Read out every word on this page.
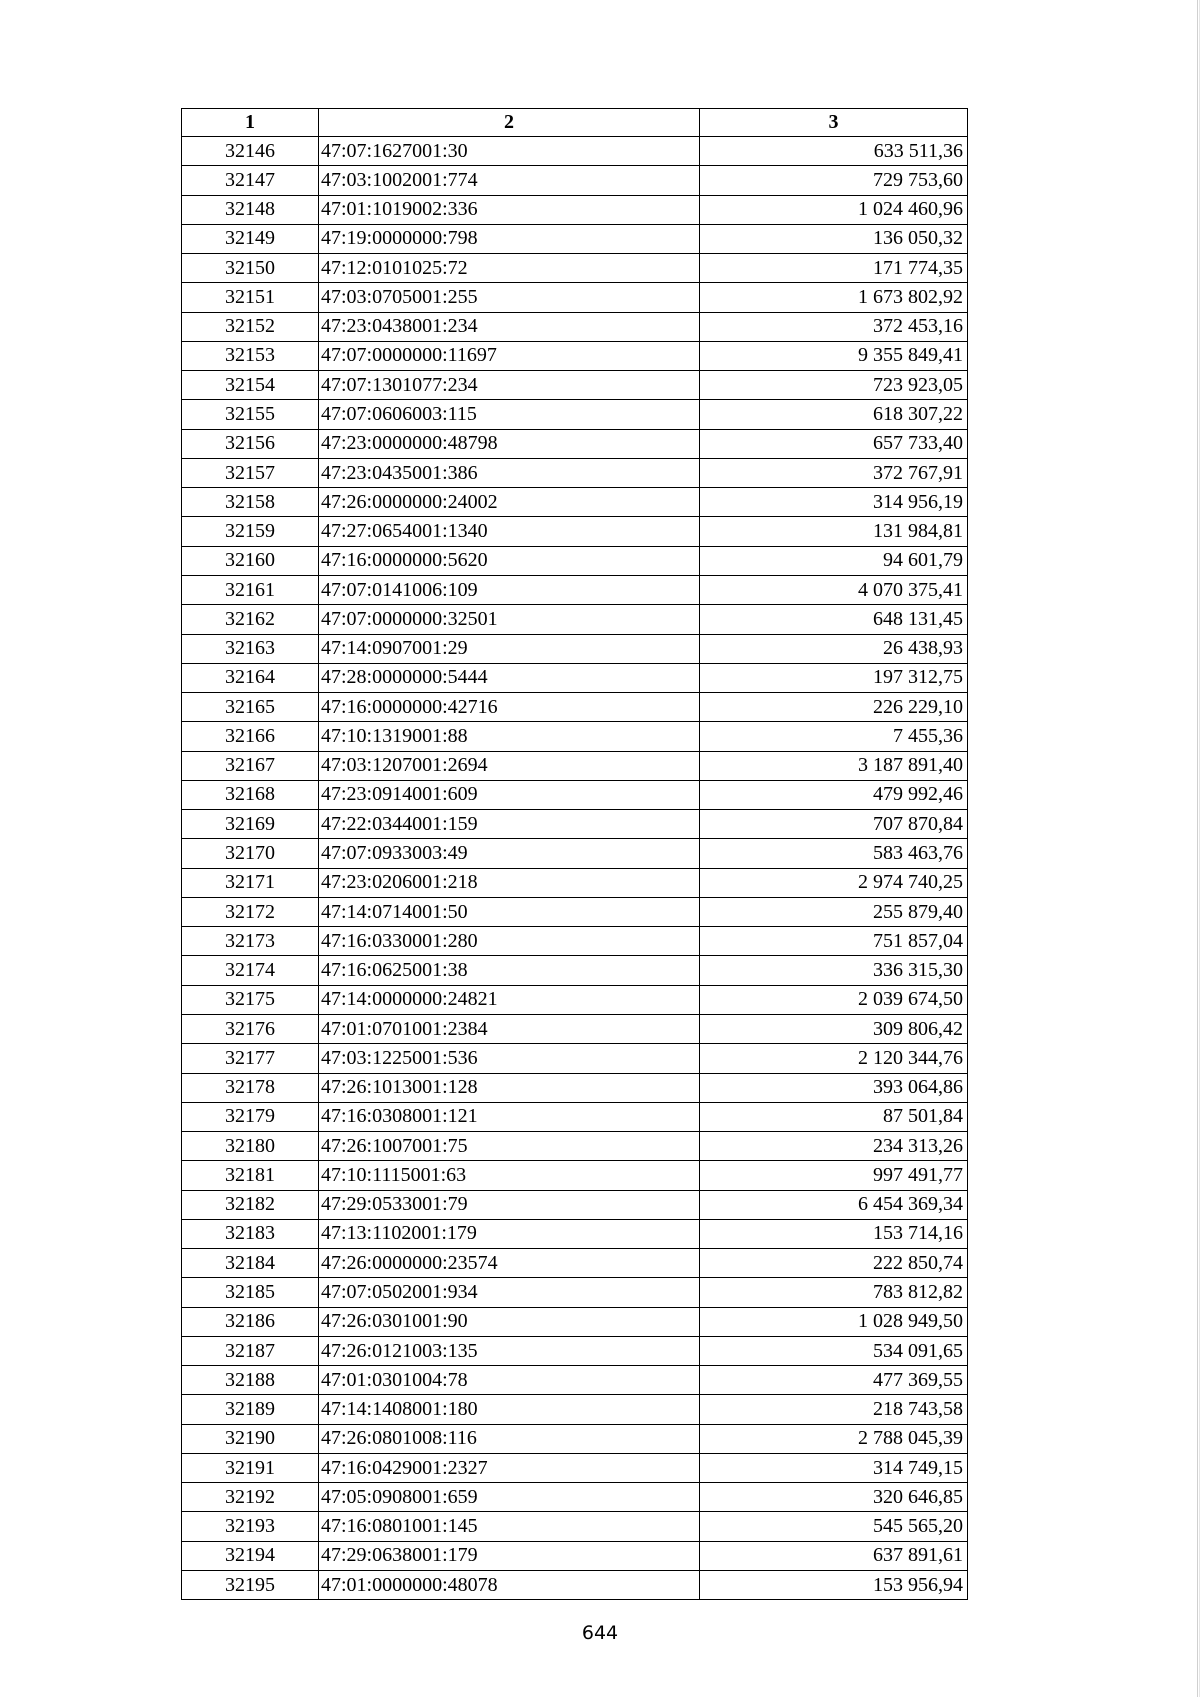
1	2	3
32146	47:07:1627001:30	633 511,36
32147	47:03:1002001:774	729 753,60
32148	47:01:1019002:336	1 024 460,96
32149	47:19:0000000:798	136 050,32
32150	47:12:0101025:72	171 774,35
32151	47:03:0705001:255	1 673 802,92
32152	47:23:0438001:234	372 453,16
32153	47:07:0000000:11697	9 355 849,41
32154	47:07:1301077:234	723 923,05
32155	47:07:0606003:115	618 307,22
32156	47:23:0000000:48798	657 733,40
32157	47:23:0435001:386	372 767,91
32158	47:26:0000000:24002	314 956,19
32159	47:27:0654001:1340	131 984,81
32160	47:16:0000000:5620	94 601,79
32161	47:07:0141006:109	4 070 375,41
32162	47:07:0000000:32501	648 131,45
32163	47:14:0907001:29	26 438,93
32164	47:28:0000000:5444	197 312,75
32165	47:16:0000000:42716	226 229,10
32166	47:10:1319001:88	7 455,36
32167	47:03:1207001:2694	3 187 891,40
32168	47:23:0914001:609	479 992,46
32169	47:22:0344001:159	707 870,84
32170	47:07:0933003:49	583 463,76
32171	47:23:0206001:218	2 974 740,25
32172	47:14:0714001:50	255 879,40
32173	47:16:0330001:280	751 857,04
32174	47:16:0625001:38	336 315,30
32175	47:14:0000000:24821	2 039 674,50
32176	47:01:0701001:2384	309 806,42
32177	47:03:1225001:536	2 120 344,76
32178	47:26:1013001:128	393 064,86
32179	47:16:0308001:121	87 501,84
32180	47:26:1007001:75	234 313,26
32181	47:10:1115001:63	997 491,77
32182	47:29:0533001:79	6 454 369,34
32183	47:13:1102001:179	153 714,16
32184	47:26:0000000:23574	222 850,74
32185	47:07:0502001:934	783 812,82
32186	47:26:0301001:90	1 028 949,50
32187	47:26:0121003:135	534 091,65
32188	47:01:0301004:78	477 369,55
32189	47:14:1408001:180	218 743,58
32190	47:26:0801008:116	2 788 045,39
32191	47:16:0429001:2327	314 749,15
32192	47:05:0908001:659	320 646,85
32193	47:16:0801001:145	545 565,20
32194	47:29:0638001:179	637 891,61
32195	47:01:0000000:48078	153 956,94
644
